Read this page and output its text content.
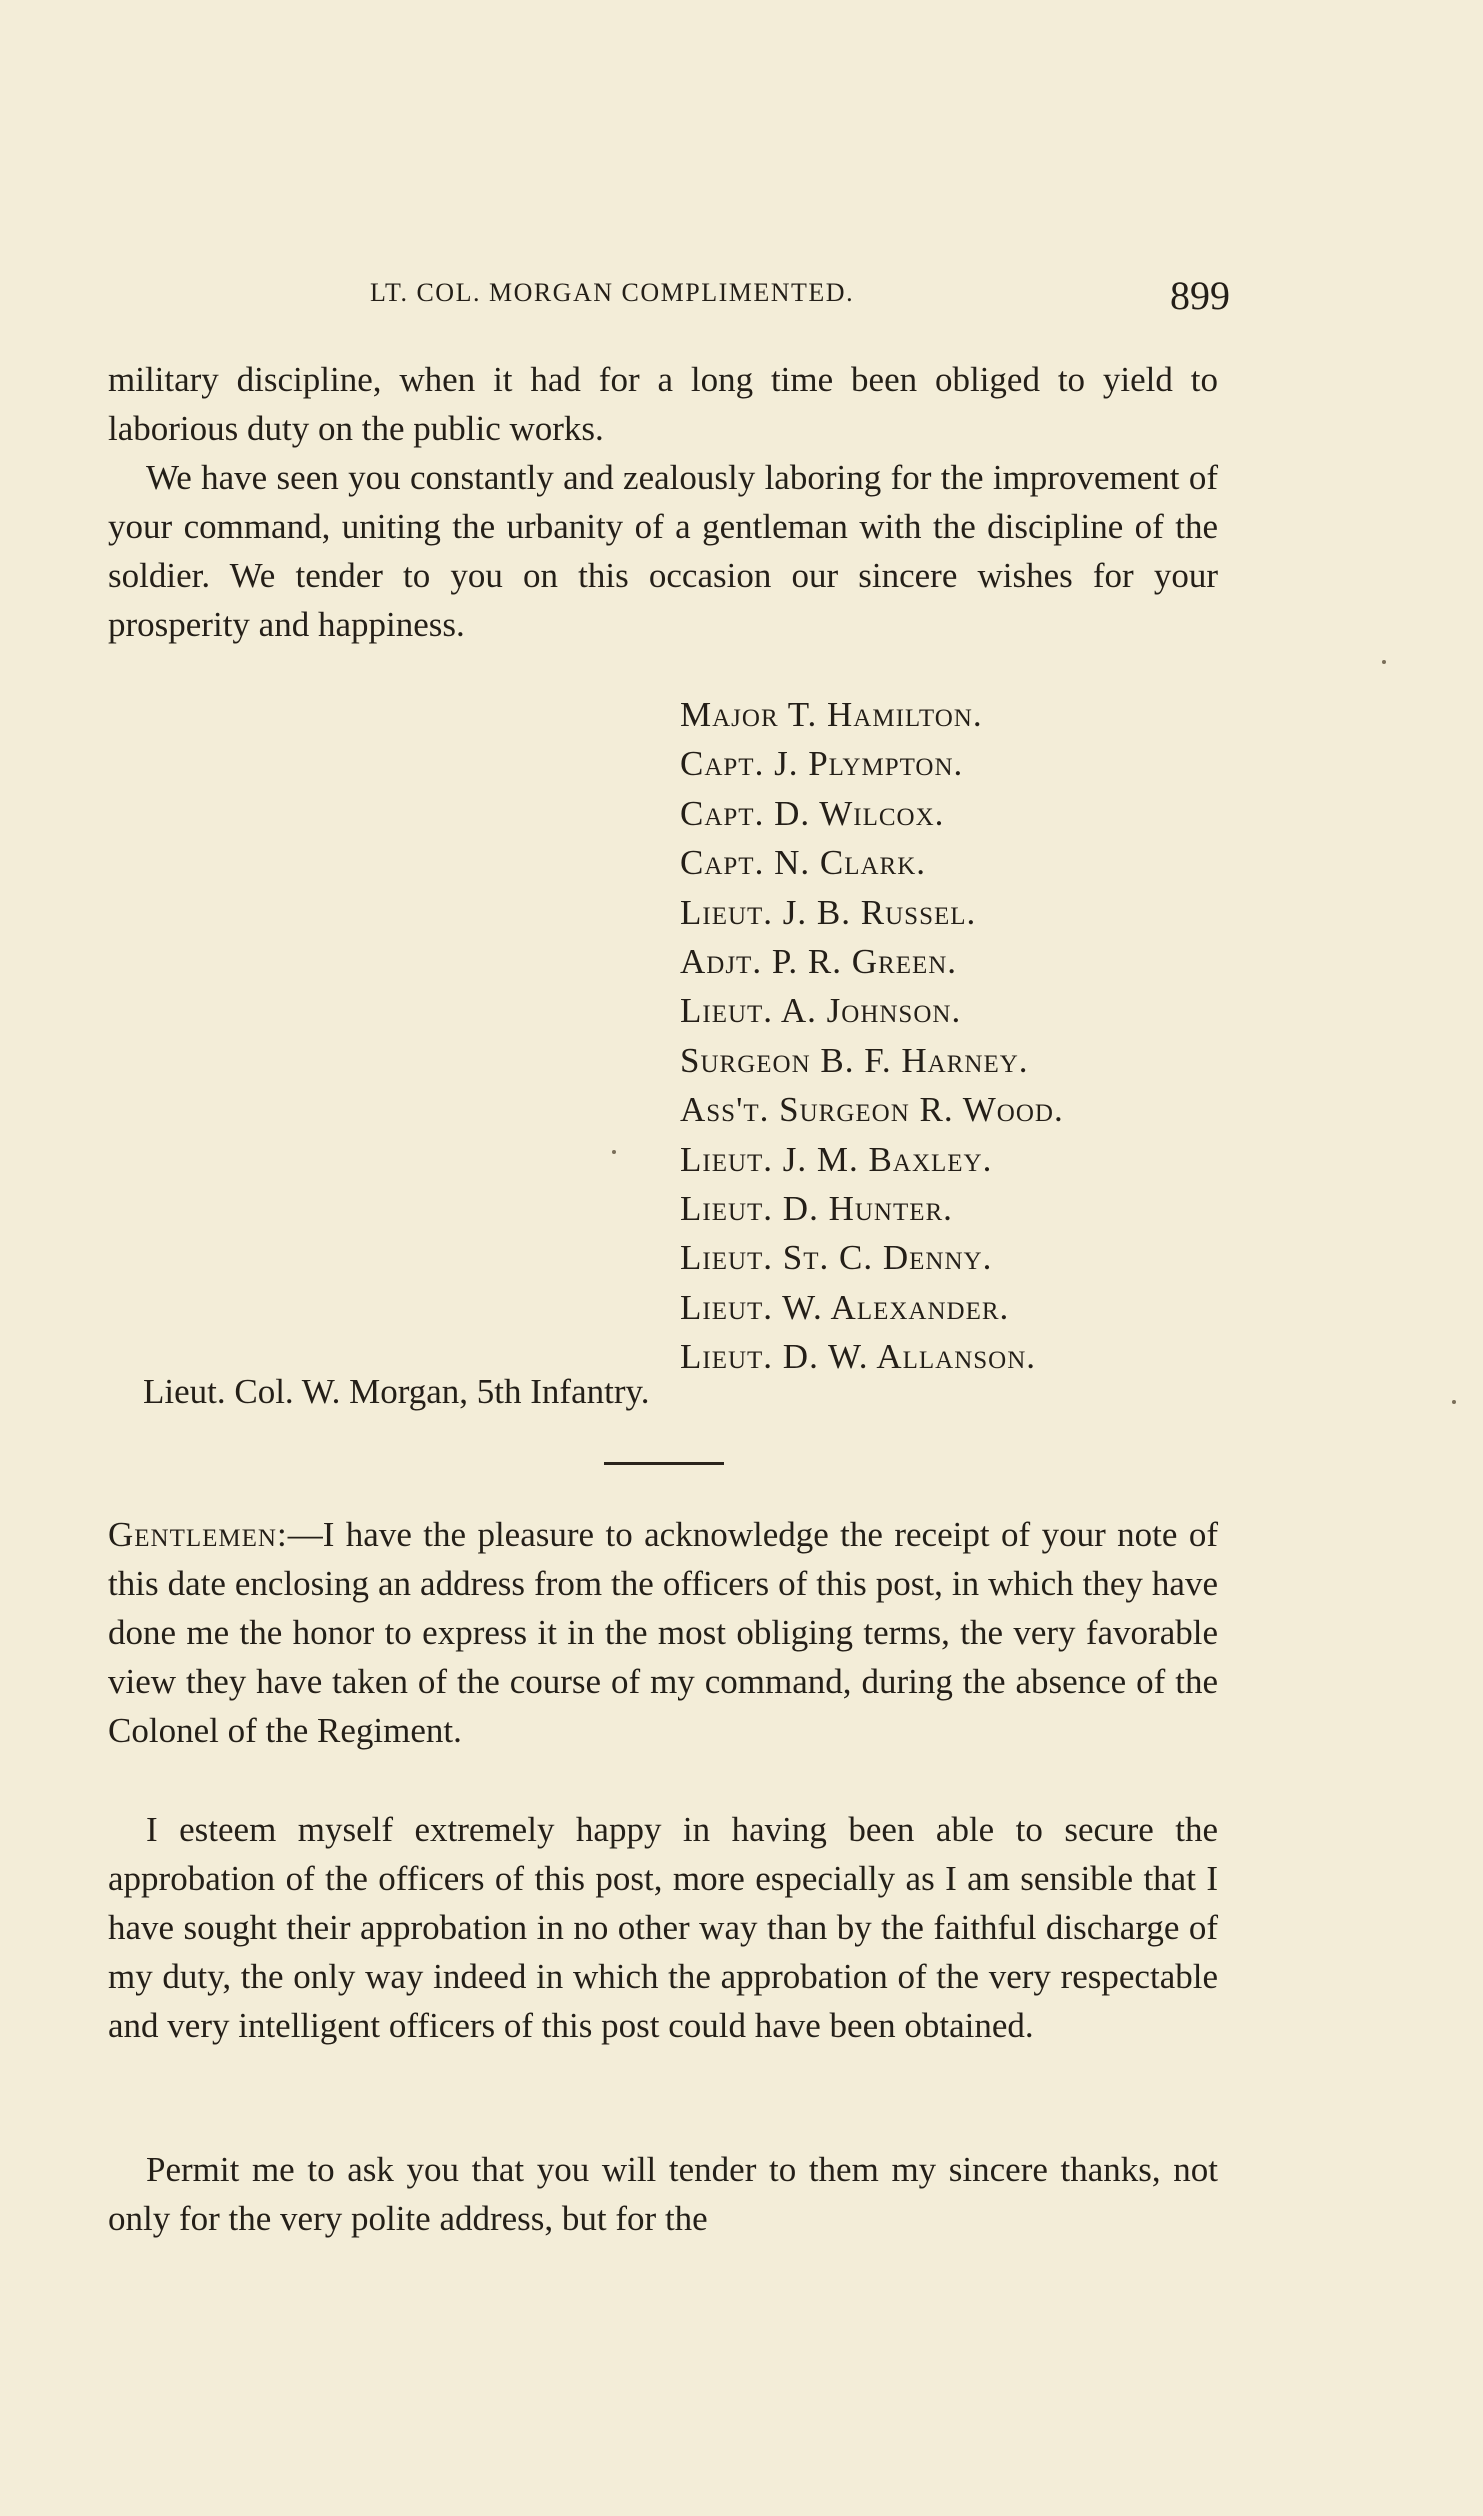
LT. COL. MORGAN COMPLIMENTED.	899

military discipline, when it had for a long time been obliged to yield to laborious duty on the public works.

We have seen you constantly and zealously laboring for the improvement of your command, uniting the urbanity of a gentleman with the discipline of the soldier. We tender to you on this occasion our sincere wishes for your prosperity and happiness.

Major T. Hamilton.
Capt. J. Plympton.
Capt. D. Wilcox.
Capt. N. Clark.
Lieut. J. B. Russel.
Adjt. P. R. Green.
Lieut. A. Johnson.
Surgeon B. F. Harney.
Ass't. Surgeon R. Wood.
Lieut. J. M. Baxley.
Lieut. D. Hunter.
Lieut. St. C. Denny.
Lieut. W. Alexander.
Lieut. D. W. Allanson.
Lieut. Col. W. Morgan, 5th Infantry.

Gentlemen:—I have the pleasure to acknowledge the receipt of your note of this date enclosing an address from the officers of this post, in which they have done me the honor to express it in the most obliging terms, the very favorable view they have taken of the course of my command, during the absence of the Colonel of the Regiment.

I esteem myself extremely happy in having been able to secure the approbation of the officers of this post, more especially as I am sensible that I have sought their approbation in no other way than by the faithful discharge of my duty, the only way indeed in which the approbation of the very respectable and very intelligent officers of this post could have been obtained.

Permit me to ask you that you will tender to them my sincere thanks, not only for the very polite address, but for the
